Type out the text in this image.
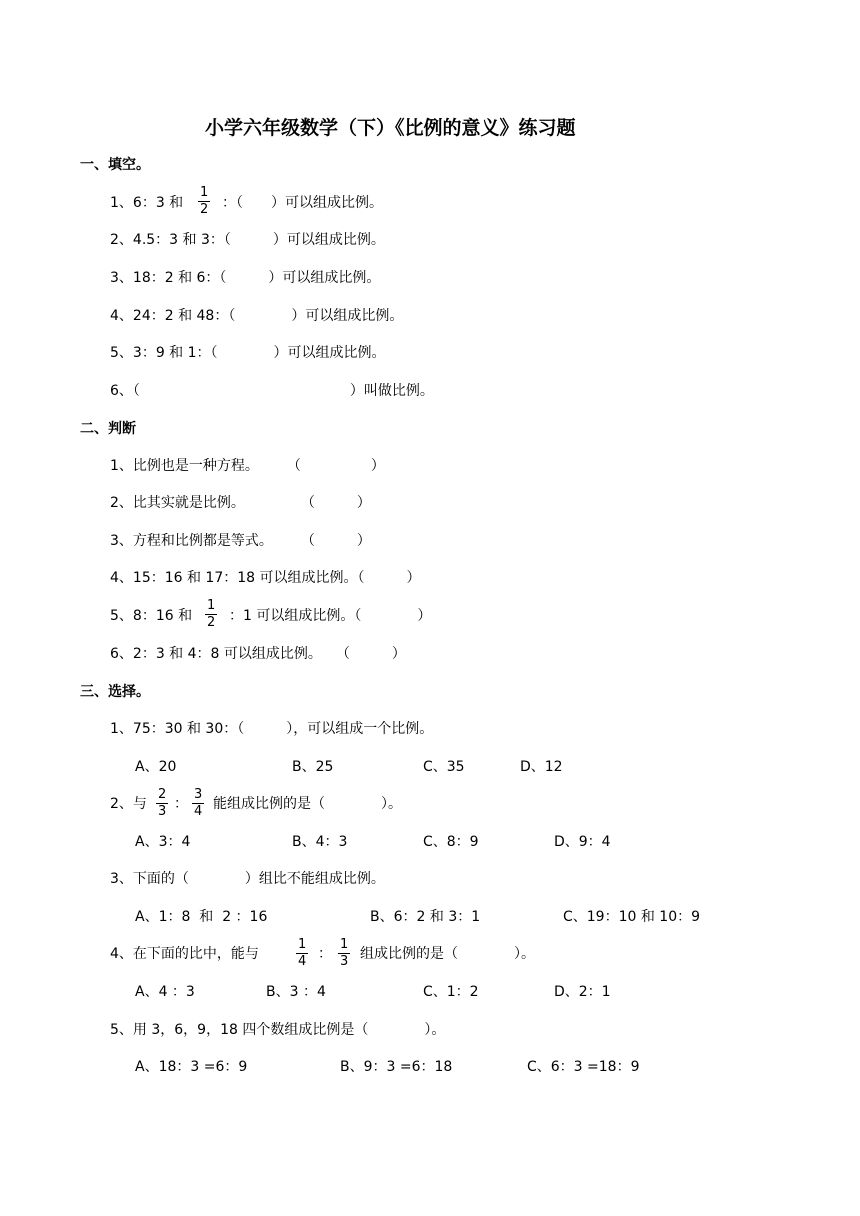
小学六年级数学（下）《比例的意义》练习题
一、填空。
1、6：3 和
1
2 ：（　　）可以组成比例。
2、4.5：3 和 3：（　　　）可以组成比例。
3、18：2 和 6：（　　　）可以组成比例。
4、24：2 和 48：（　　　　）可以组成比例。
5、3：9 和 1：（　　　　）可以组成比例。
6、（　　　　　　　　　　　　　　　）叫做比例。
二、判断
1、比例也是一种方程。　　　（　　　　　）
2、比其实就是比例。　　　　　（　　　）
3、方程和比例都是等式。　　　（　　　）
4、15：16 和 17：18 可以组成比例。（　　　）
5、8：16 和
1
2 ：1 可以组成比例。（　　　　）
6、2：3 和 4：8 可以组成比例。　　（　　　）
三、选择。
1、75：30 和 30：（　　　），可以组成一个比例。
A、20	B、25	C、35	D、12
2、与
2
3 ：
3
4 能组成比例的是（　　　　）。
A、3：4	B、4：3	C、8：9	D、9：4
3、下面的（　　　　）组比不能组成比例。
A、1：8  和  2 ：16	B、6：2 和 3：1	C、19：10 和 10：9
4、在下面的比中，能与
1
4 ：
1
3 组成比例的是（　　　　）。
A、4 ：3	B、3 ：4	C、1：2	D、2：1
5、用 3，6，9，18 四个数组成比例是（　　　　）。
A、18：3 =6：9	B、9：3 =6：18	C、6：3 =18：9
